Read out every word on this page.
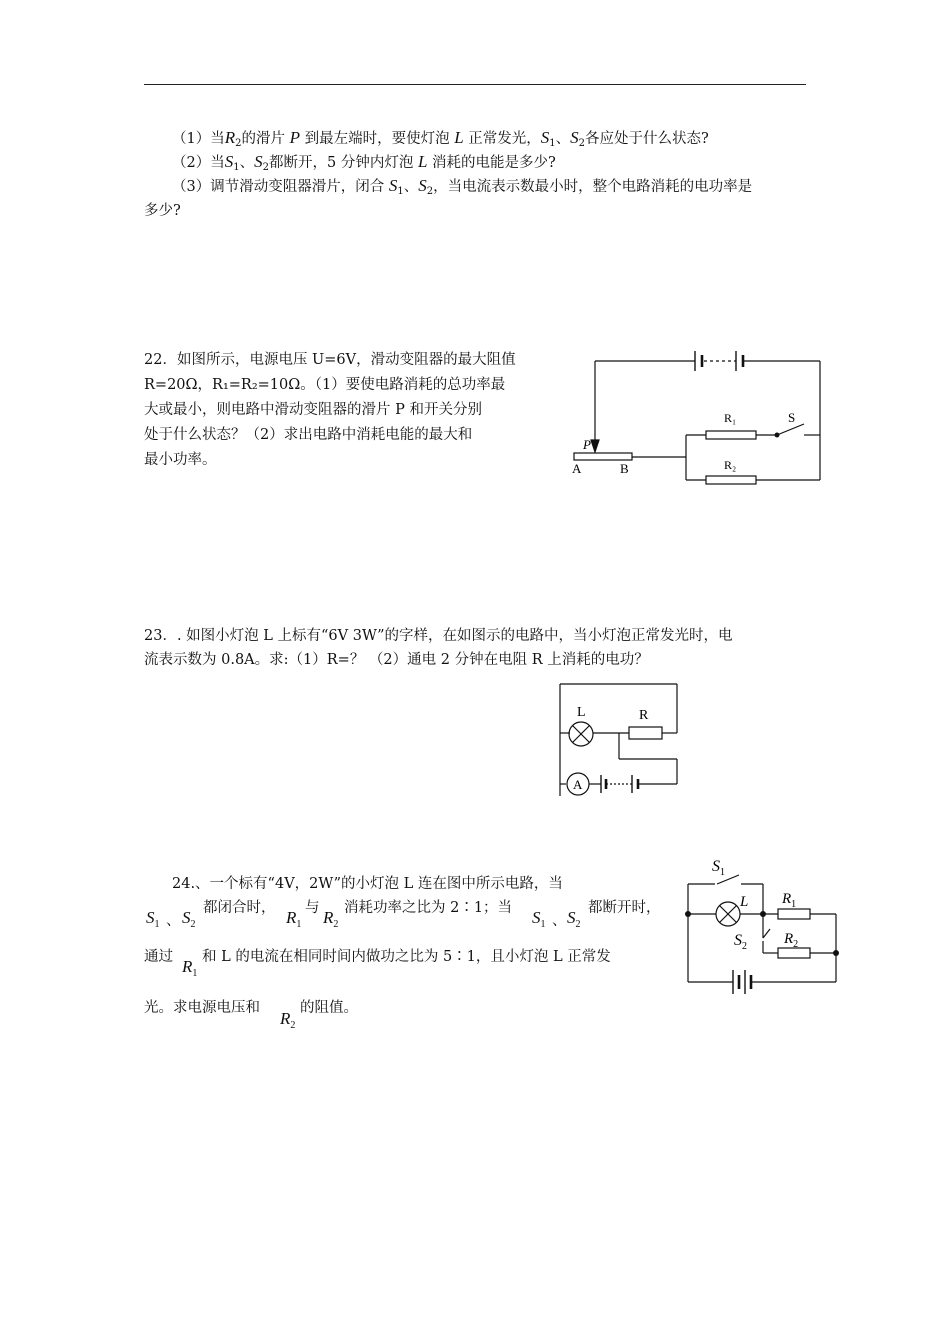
（1）当$R_2$的滑片 P 到最左端时，要使灯泡 L 正常发光，$S_1$、$S_2$各应处于什么状态?
（2）当$S_1$、$S_2$都断开，5 分钟内灯泡 L 消耗的电能是多少?
（3）调节滑动变阻器滑片，闭合 $S_1$、$S_2$，当电流表示数最小时，整个电路消耗的电功率是
多少?
22．如图所示，电源电压 U=6V，滑动变阻器的最大阻值
R=20Ω，R₁=R₂=10Ω。（1）要使电路消耗的总功率最
大或最小，则电路中滑动变阻器的滑片 P 和开关分别
处于什么状态？（2）求出电路中消耗电能的最大和
最小功率。
P
A	B
R₁
R₂
S
23．. 如图小灯泡 L 上标有“6V 3W”的字样，在如图示的电路中，当小灯泡正常发光时，电
流表示数为 0.8A。求:（1）R=？ （2）通电 2 分钟在电阻 R 上消耗的电功？
L	R
A
24.、一个标有“4V，2W”的小灯泡 L 连在图中所示电路，当
$S_1$ 、 $S_2$
都闭合时， $R_1$
与 $R_2$
消耗功率之比为 2∶1；当 $S_1$ 、 $S_2$
都断开时，
通过 $R_1$
和 L 的电流在相同时间内做功之比为 5∶1，且小灯泡 L 正常发
光。求电源电压和
$R_2$
的阻值。
$S_1$
L $R_1$
$S_2$ $R_2$
